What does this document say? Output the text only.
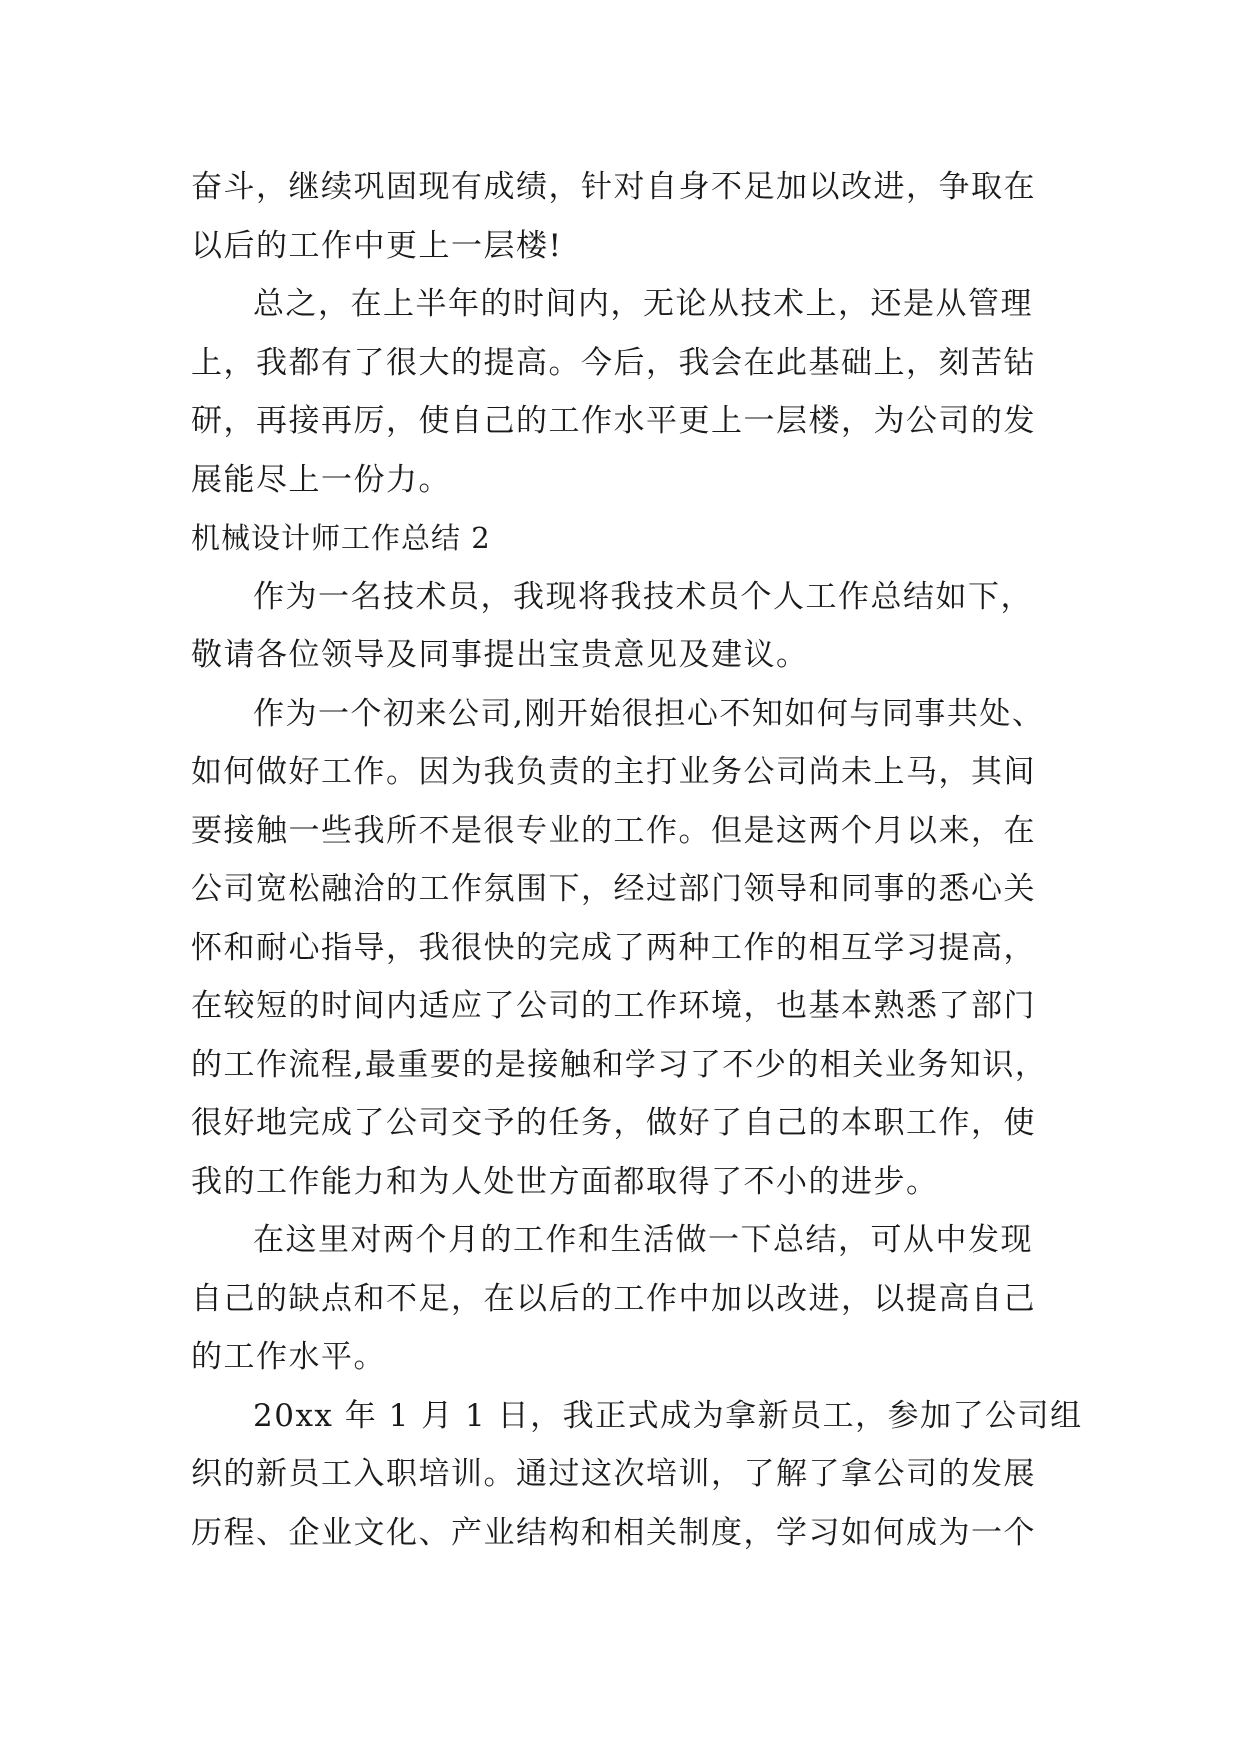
奋斗，继续巩固现有成绩，针对自身不足加以改进，争取在
以后的工作中更上一层楼!

总之，在上半年的时间内，无论从技术上，还是从管理
上，我都有了很大的提高。今后，我会在此基础上，刻苦钻
研，再接再厉，使自己的工作水平更上一层楼，为公司的发
展能尽上一份力。

机械设计师工作总结 2

作为一名技术员，我现将我技术员个人工作总结如下，
敬请各位领导及同事提出宝贵意见及建议。

作为一个初来公司,刚开始很担心不知如何与同事共处、
如何做好工作。因为我负责的主打业务公司尚未上马，其间
要接触一些我所不是很专业的工作。但是这两个月以来，在
公司宽松融洽的工作氛围下，经过部门领导和同事的悉心关
怀和耐心指导，我很快的完成了两种工作的相互学习提高，
在较短的时间内适应了公司的工作环境，也基本熟悉了部门
的工作流程,最重要的是接触和学习了不少的相关业务知识，
很好地完成了公司交予的任务，做好了自己的本职工作，使
我的工作能力和为人处世方面都取得了不小的进步。

在这里对两个月的工作和生活做一下总结，可从中发现
自己的缺点和不足，在以后的工作中加以改进，以提高自己
的工作水平。

20xx 年 1 月 1 日，我正式成为拿新员工，参加了公司组
织的新员工入职培训。通过这次培训，了解了拿公司的发展
历程、企业文化、产业结构和相关制度，学习如何成为一个
